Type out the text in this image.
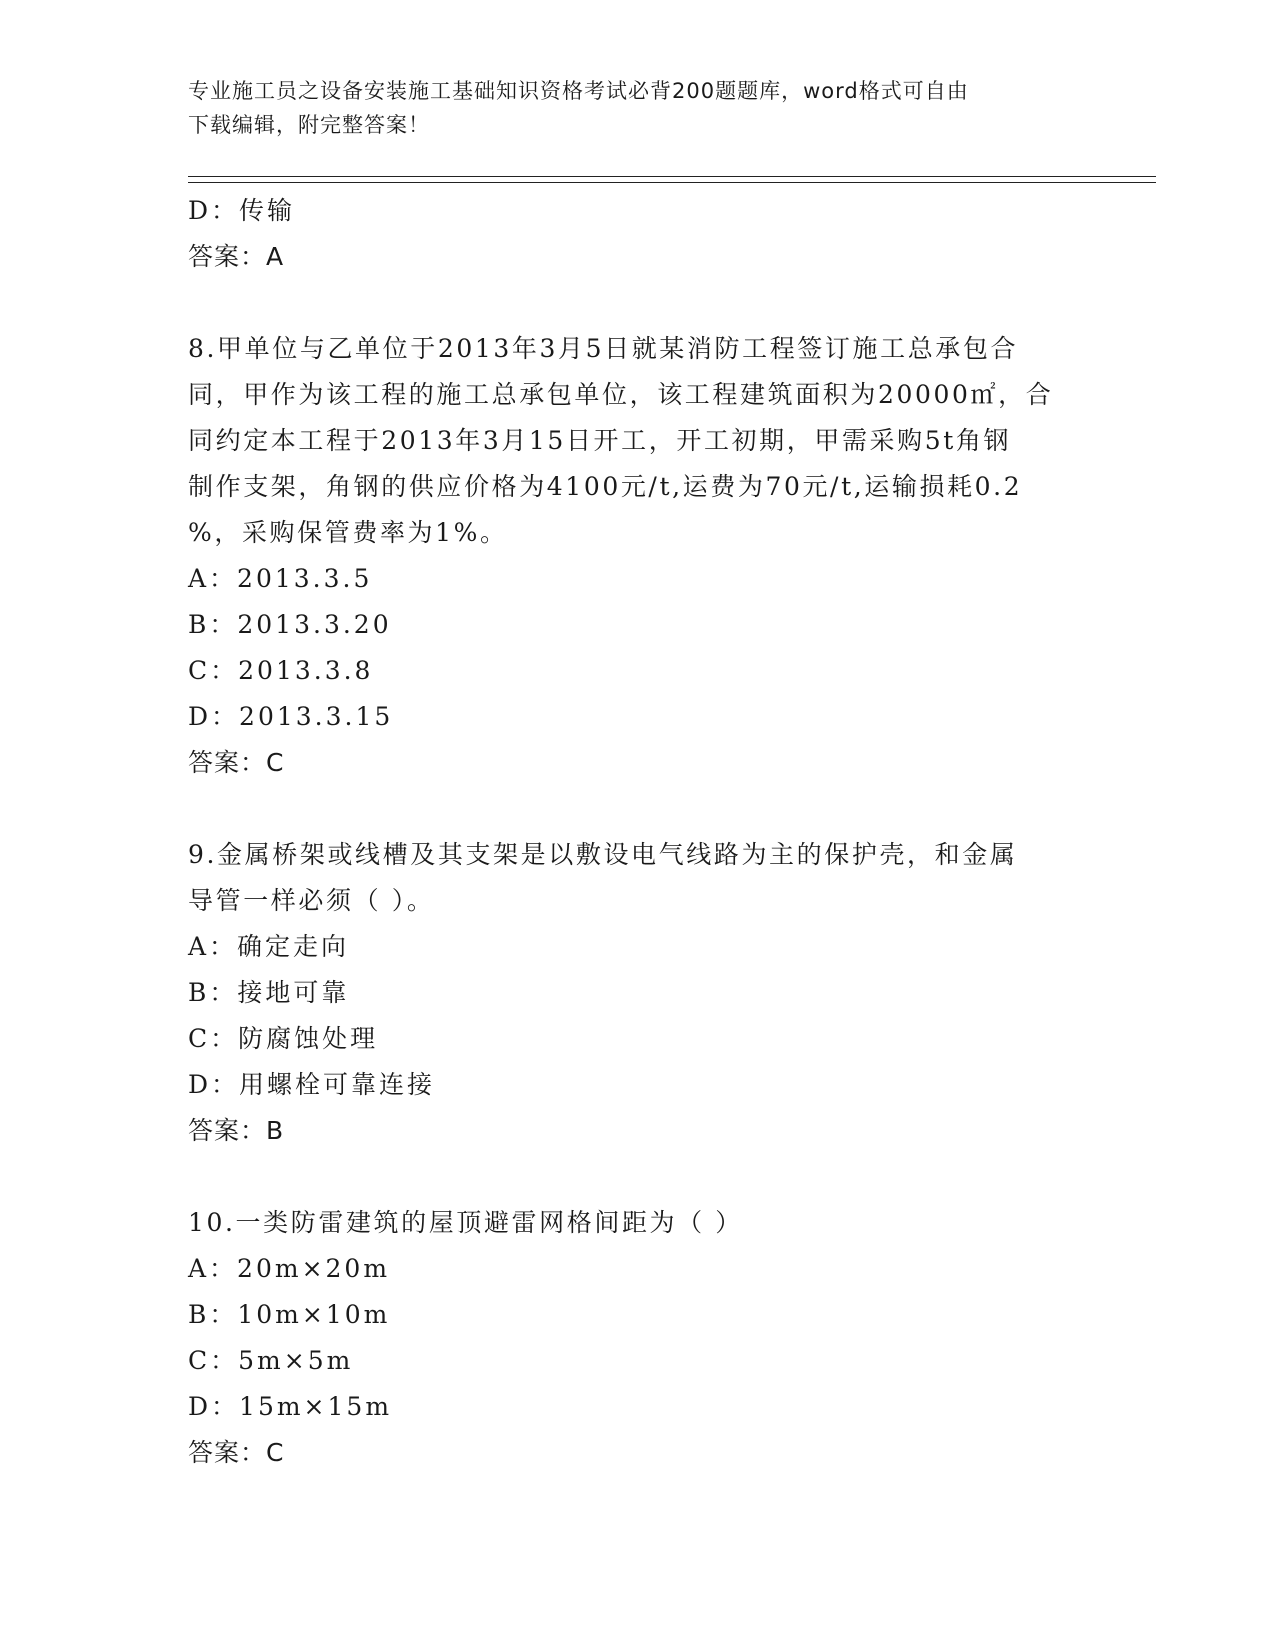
专业施工员之设备安装施工基础知识资格考试必背200题题库，word格式可自由
下载编辑，附完整答案！
D：传输
答案：A
8.甲单位与乙单位于2013年3月5日就某消防工程签订施工总承包合
同，甲作为该工程的施工总承包单位，该工程建筑面积为20000㎡，合
同约定本工程于2013年3月15日开工，开工初期，甲需采购5t角钢
制作支架，角钢的供应价格为4100元/t,运费为70元/t,运输损耗0.2
%，采购保管费率为1%。
A：2013.3.5
B：2013.3.20
C：2013.3.8
D：2013.3.15
答案：C
9.金属桥架或线槽及其支架是以敷设电气线路为主的保护壳，和金属
导管一样必须（ ）。
A：确定走向
B：接地可靠
C：防腐蚀处理
D：用螺栓可靠连接
答案：B
10.一类防雷建筑的屋顶避雷网格间距为（ ）
A：20m×20m
B：10m×10m
C：5m×5m
D：15m×15m
答案：C
